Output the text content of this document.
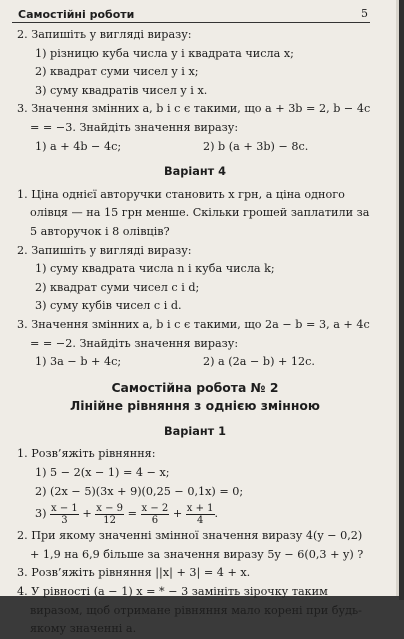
Самостійні роботи	5
2. Запишіть у вигляді виразу:
1) різницю куба числа y і квадрата числа x;
2) квадрат суми чисел y і x;
3) суму квадратів чисел y і x.
3. Значення змінних a, b і c є такими, що a + 3b = 2, b − 4c = = −3. Знайдіть значення виразу:
1) a + 4b − 4c;	2) b (a + 3b) − 8c.
Варіант 4
1. Ціна однієї авторучки становить x грн, а ціна одного олівця — на 15 грн менше. Скільки грошей заплатили за 5 авторучок і 8 олівців?
2. Запишіть у вигляді виразу:
1) суму квадрата числа n і куба числа k;
2) квадрат суми чисел c і d;
3) суму кубів чисел c і d.
3. Значення змінних a, b і c є такими, що 2a − b = 3, a + 4c = = −2. Знайдіть значення виразу:
1) 3a − b + 4c;	2) a (2a − b) + 12c.
Самостійна робота № 2
Лінійне рівняння з однією змінною
Варіант 1
1. Розв’яжіть рівняння:
1) 5 − 2(x − 1) = 4 − x;
2) (2x − 5)(3x + 9)(0,25 − 0,1x) = 0;
$3) \frac{x - 1}{3} + \frac{x - 9}{12} = \frac{x - 2}{6} + \frac{x + 1}{4}$ .
2. При якому значенні змінної значення виразу 4(y − 0,2) + 1,9 на 6,9 більше за значення виразу 5y − 6(0,3 + y) ?
3. Розв’яжіть рівняння ||x| + 3| = 4 + x.
4. У рівності (a − 1) x = * − 3 замініть зірочку таким виразом, щоб отримане рівняння мало корені при будь-якому значенні a.
